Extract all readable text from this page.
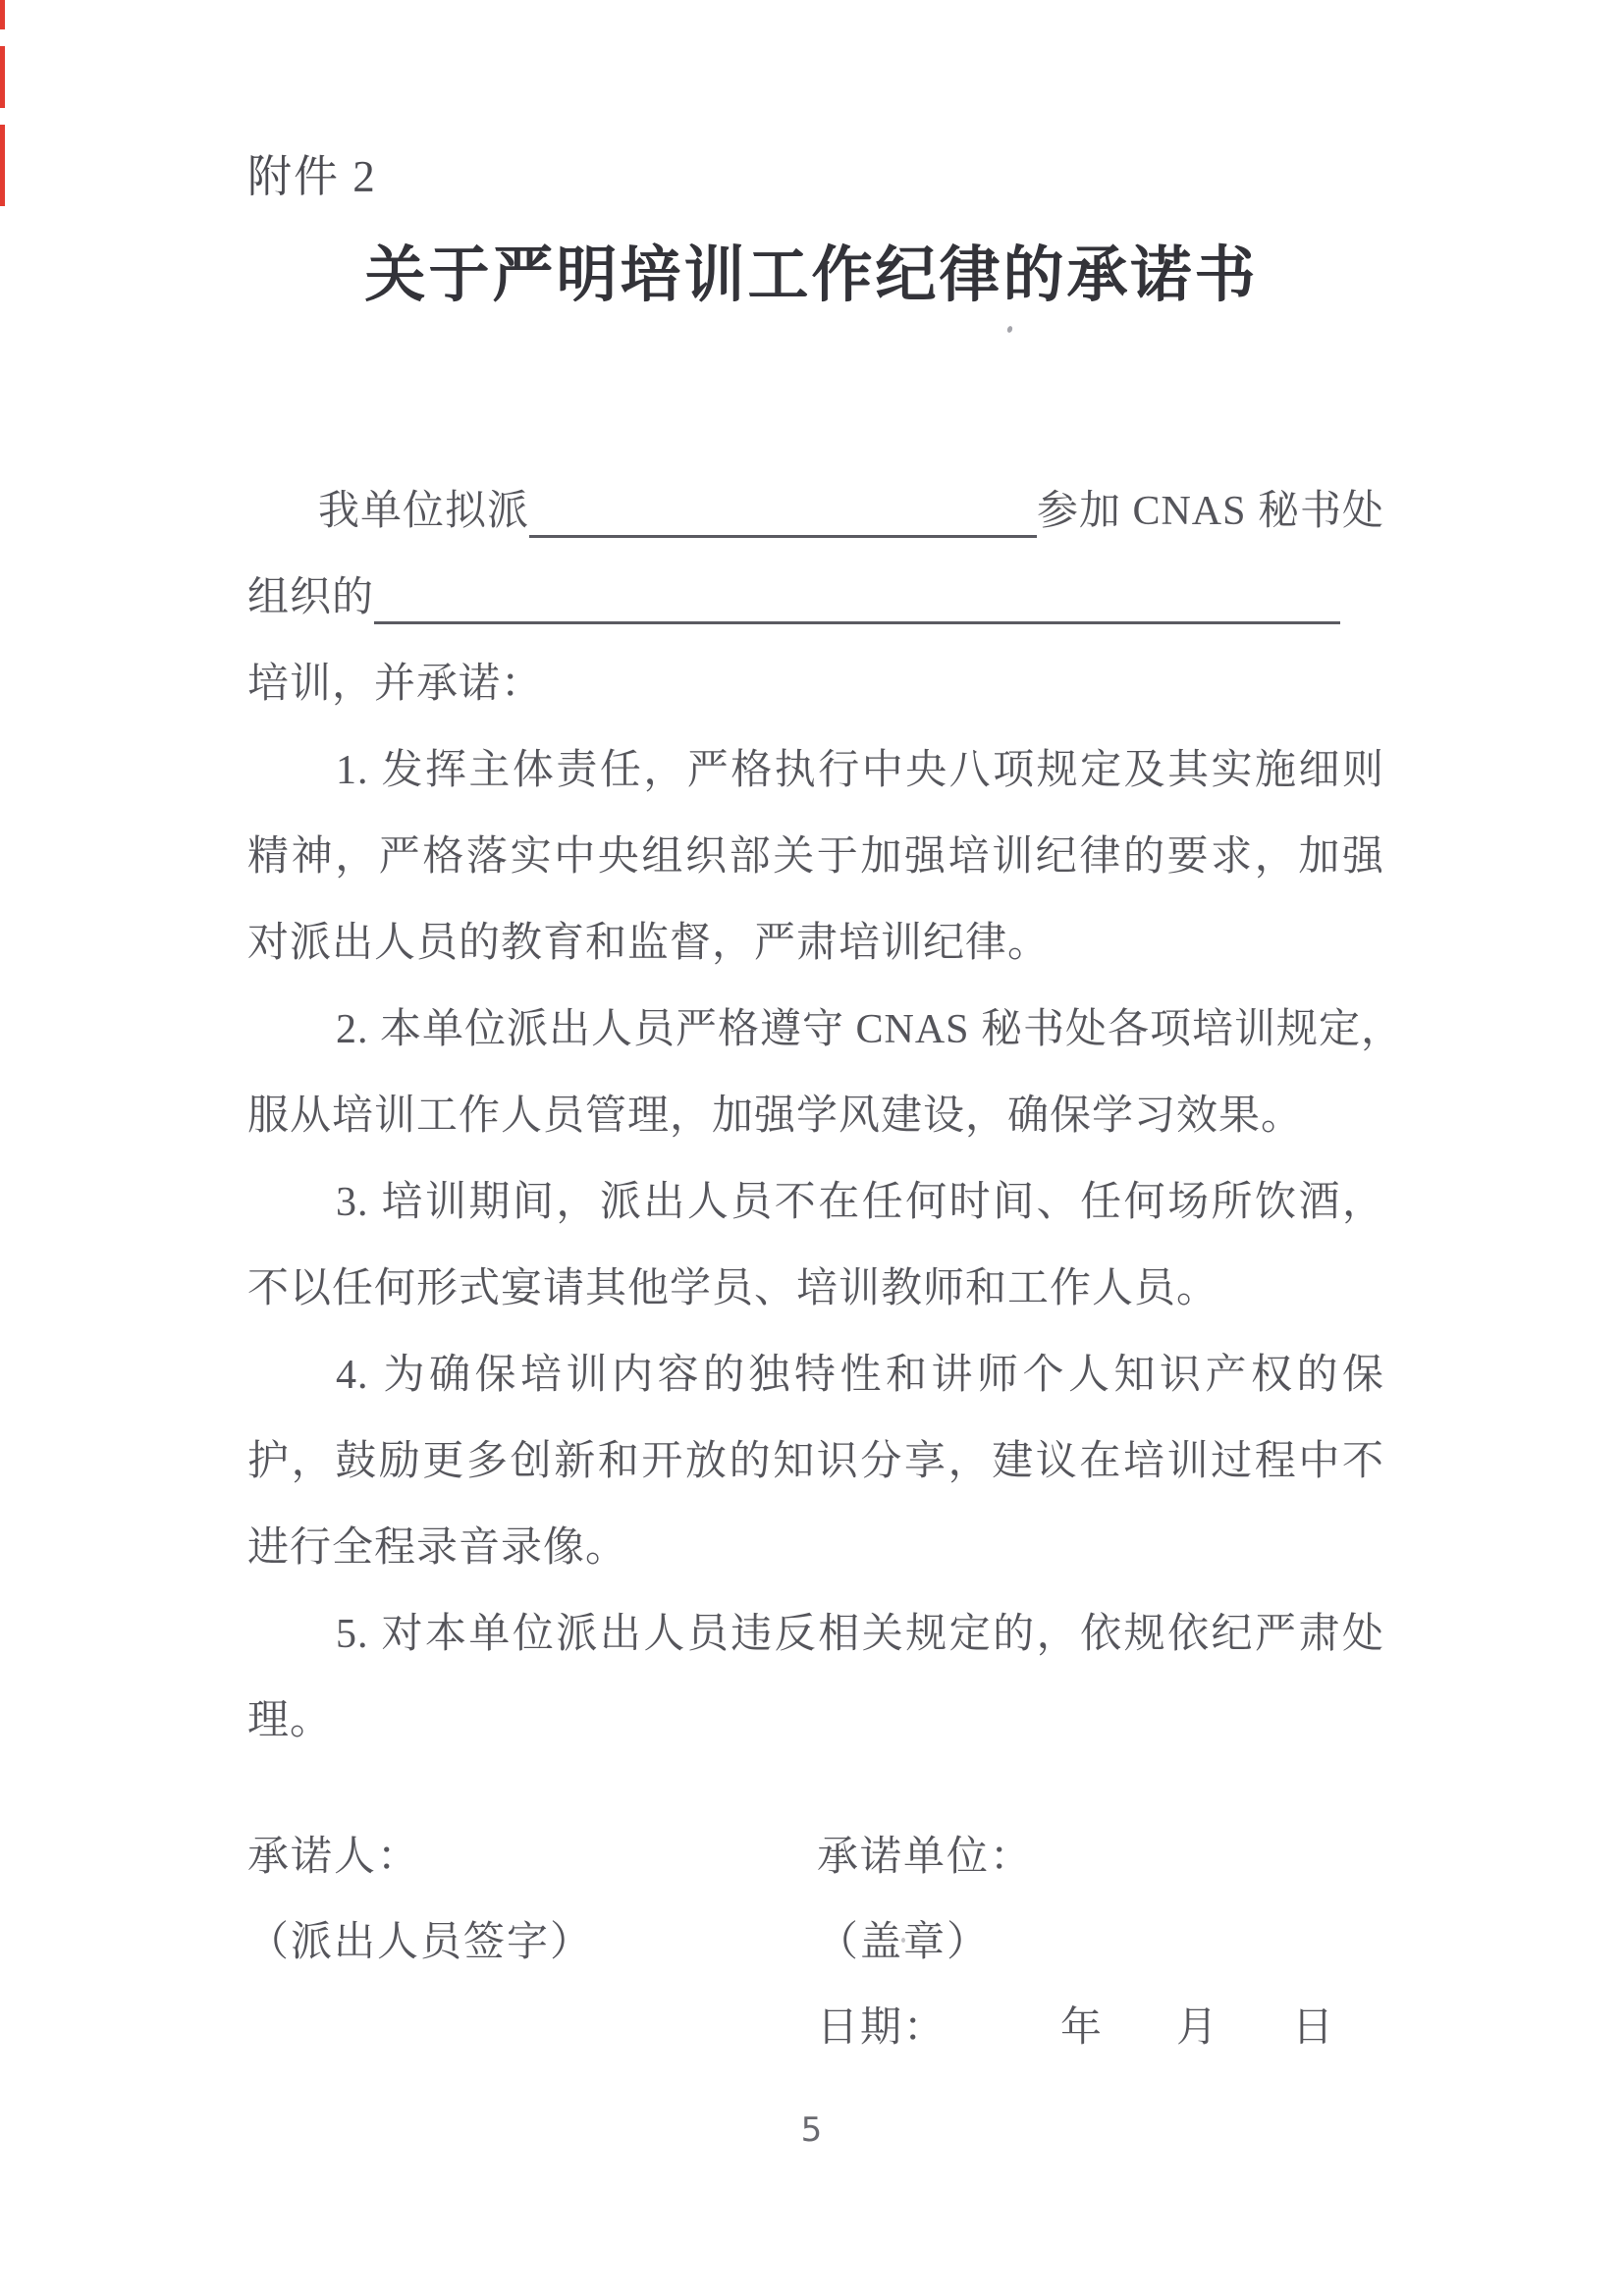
附件 2
关于严明培训工作纪律的承诺书
我单位拟派	参加 CNAS 秘书处
组织的
培训，并承诺：
1. 发挥主体责任，严格执行中央八项规定及其实施细则
精神，严格落实中央组织部关于加强培训纪律的要求，加强
对派出人员的教育和监督，严肃培训纪律。
2. 本单位派出人员严格遵守 CNAS 秘书处各项培训规定，
服从培训工作人员管理，加强学风建设，确保学习效果。
3. 培训期间，派出人员不在任何时间、任何场所饮酒，
不以任何形式宴请其他学员、培训教师和工作人员。
4. 为确保培训内容的独特性和讲师个人知识产权的保
护，鼓励更多创新和开放的知识分享，建议在培训过程中不
进行全程录音录像。
5. 对本单位派出人员违反相关规定的，依规依纪严肃处
理。
承诺人：
（派出人员签字）
承诺单位：
（盖章）
日期：	年 月 日
5
